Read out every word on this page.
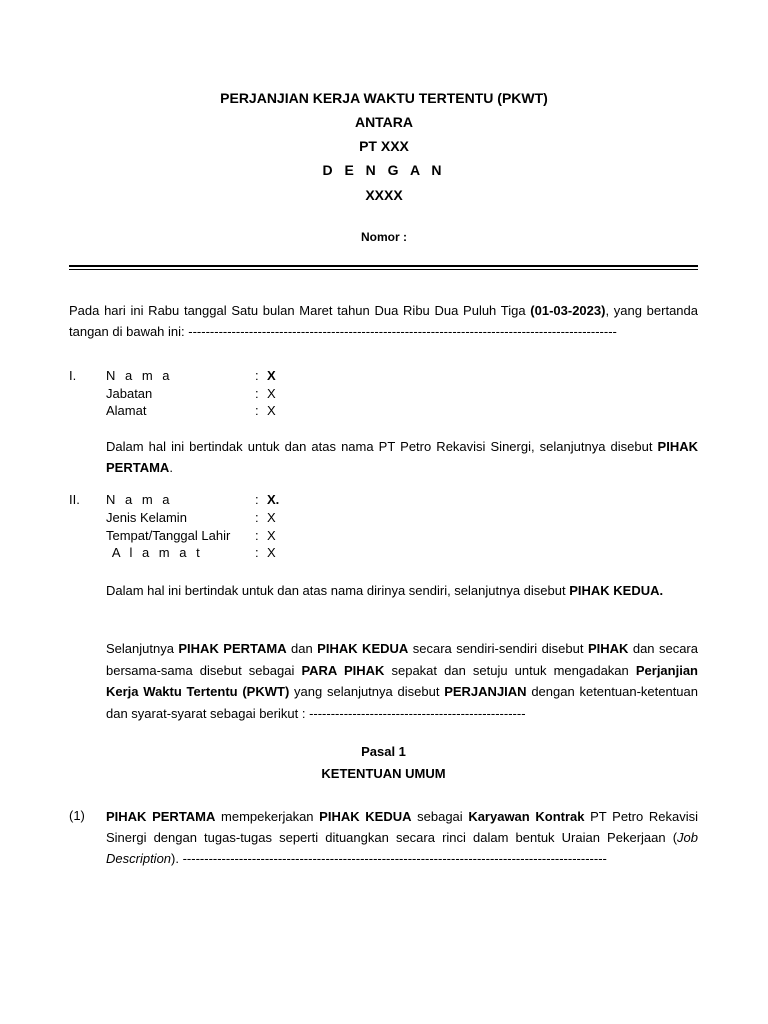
PERJANJIAN KERJA WAKTU TERTENTU (PKWT)
ANTARA
PT XXX
D E N G A N
XXXX
Nomor :
Pada hari ini Rabu tanggal Satu bulan Maret tahun Dua Ribu Dua Puluh Tiga (01-03-2023), yang bertanda tangan di bawah ini: ---------------------------------------------------------------------------------------------------
I. N a m a	: X
Jabatan	: X
Alamat	: X
Dalam hal ini bertindak untuk dan atas nama PT Petro Rekavisi Sinergi, selanjutnya disebut PIHAK PERTAMA.
II. N a m a	: X.
Jenis Kelamin	: X
Tempat/Tanggal Lahir : X
A l a m a t	: X
Dalam hal ini bertindak untuk dan atas nama dirinya sendiri, selanjutnya disebut PIHAK KEDUA.
Selanjutnya PIHAK PERTAMA dan PIHAK KEDUA secara sendiri-sendiri disebut PIHAK dan secara bersama-sama disebut sebagai PARA PIHAK sepakat dan setuju untuk mengadakan Perjanjian Kerja Waktu Tertentu (PKWT) yang selanjutnya disebut PERJANJIAN dengan ketentuan-ketentuan dan syarat-syarat sebagai berikut : --------------------------------------------------
Pasal 1
KETENTUAN UMUM
(1) PIHAK PERTAMA mempekerjakan PIHAK KEDUA sebagai Karyawan Kontrak PT Petro Rekavisi Sinergi dengan tugas-tugas seperti dituangkan secara rinci dalam bentuk Uraian Pekerjaan (Job Description). --------------------------------------------------------------------------------------------------
